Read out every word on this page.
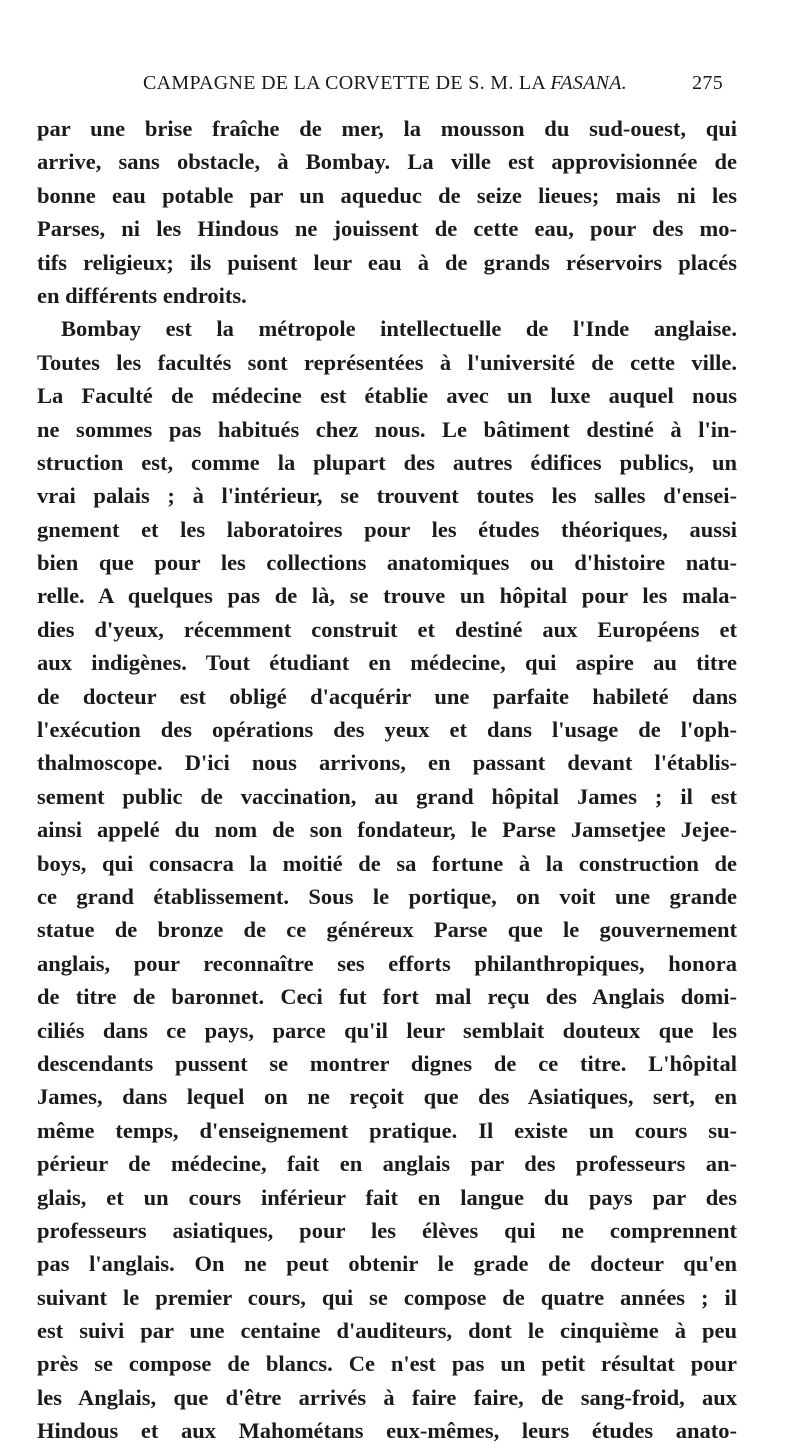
CAMPAGNE DE LA CORVETTE DE S. M. LA FASANA.	275
par une brise fraîche de mer, la mousson du sud-ouest, qui
arrive, sans obstacle, à Bombay. La ville est approvisionnée de
bonne eau potable par un aqueduc de seize lieues; mais ni les
Parses, ni les Hindous ne jouissent de cette eau, pour des mo-
tifs religieux; ils puisent leur eau à de grands réservoirs placés
en différents endroits.
Bombay est la métropole intellectuelle de l'Inde anglaise.
Toutes les facultés sont représentées à l'université de cette ville.
La Faculté de médecine est établie avec un luxe auquel nous
ne sommes pas habitués chez nous. Le bâtiment destiné à l'in-
struction est, comme la plupart des autres édifices publics, un
vrai palais ; à l'intérieur, se trouvent toutes les salles d'ensei-
gnement et les laboratoires pour les études théoriques, aussi
bien que pour les collections anatomiques ou d'histoire natu-
relle. A quelques pas de là, se trouve un hôpital pour les mala-
dies d'yeux, récemment construit et destiné aux Européens et
aux indigènes. Tout étudiant en médecine, qui aspire au titre
de docteur est obligé d'acquérir une parfaite habileté dans
l'exécution des opérations des yeux et dans l'usage de l'oph-
thalmoscope. D'ici nous arrivons, en passant devant l'établis-
sement public de vaccination, au grand hôpital James ; il est
ainsi appelé du nom de son fondateur, le Parse Jamsetjee Jejee-
boys, qui consacra la moitié de sa fortune à la construction de
ce grand établissement. Sous le portique, on voit une grande
statue de bronze de ce généreux Parse que le gouvernement
anglais, pour reconnaître ses efforts philanthropiques, honora
de titre de baronnet. Ceci fut fort mal reçu des Anglais domi-
ciliés dans ce pays, parce qu'il leur semblait douteux que les
descendants pussent se montrer dignes de ce titre. L'hôpital
James, dans lequel on ne reçoit que des Asiatiques, sert, en
même temps, d'enseignement pratique. Il existe un cours su-
périeur de médecine, fait en anglais par des professeurs an-
glais, et un cours inférieur fait en langue du pays par des
professeurs asiatiques, pour les élèves qui ne comprennent
pas l'anglais. On ne peut obtenir le grade de docteur qu'en
suivant le premier cours, qui se compose de quatre années ; il
est suivi par une centaine d'auditeurs, dont le cinquième à peu
près se compose de blancs. Ce n'est pas un petit résultat pour
les Anglais, que d'être arrivés à faire faire, de sang-froid, aux
Hindous et aux Mahométans eux-mêmes, leurs études anato-
